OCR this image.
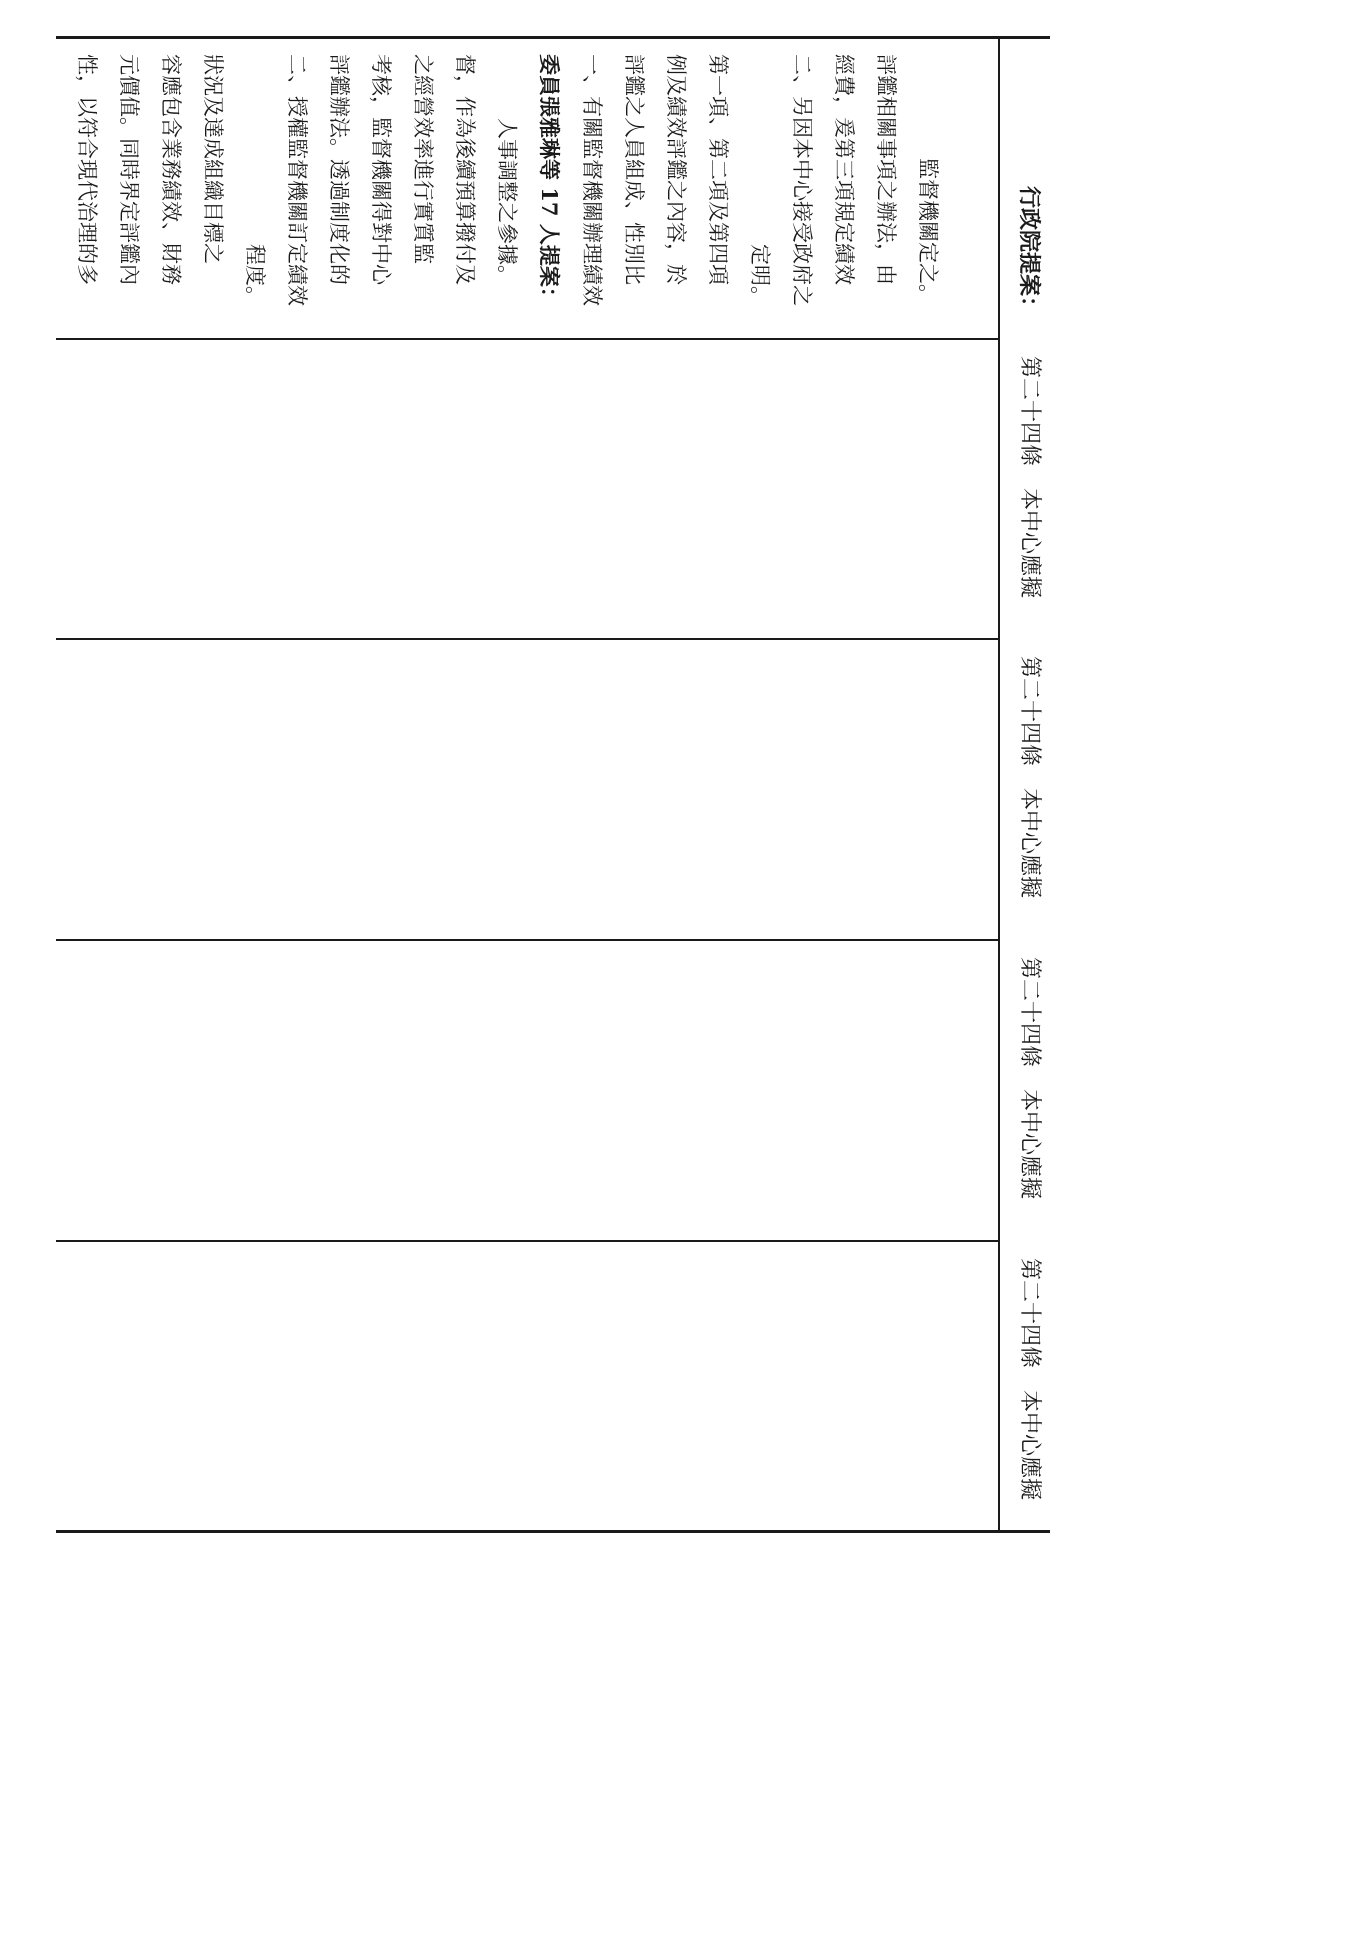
性，以符合現代治理的多 元價值。同時界定評鑑內 容應包含業務績效、財務 狀況及達成組織目標之
程度。 二、授權監督機關訂定績效 評鑑辦法。透過制度化的 考核，監督機關得對中心 之經營效率進行實質監 督，作為後續預算撥付及 人事調整之參據。 委員張雅琳等 17 人提案： 一、有關監督機關辦理績效 評鑑之人員組成、性別比 例及績效評鑑之內容，於 第一項、第二項及第四項 定明。 二、另因本中心接受政府之 經費，爰第三項規定績效 評鑑相關事項之辦法，由 監督機關定之。	行政院提案：
第二十四條　本中心應擬
第二十四條　本中心應擬
第二十四條　本中心應擬
第二十四條　本中心應擬
